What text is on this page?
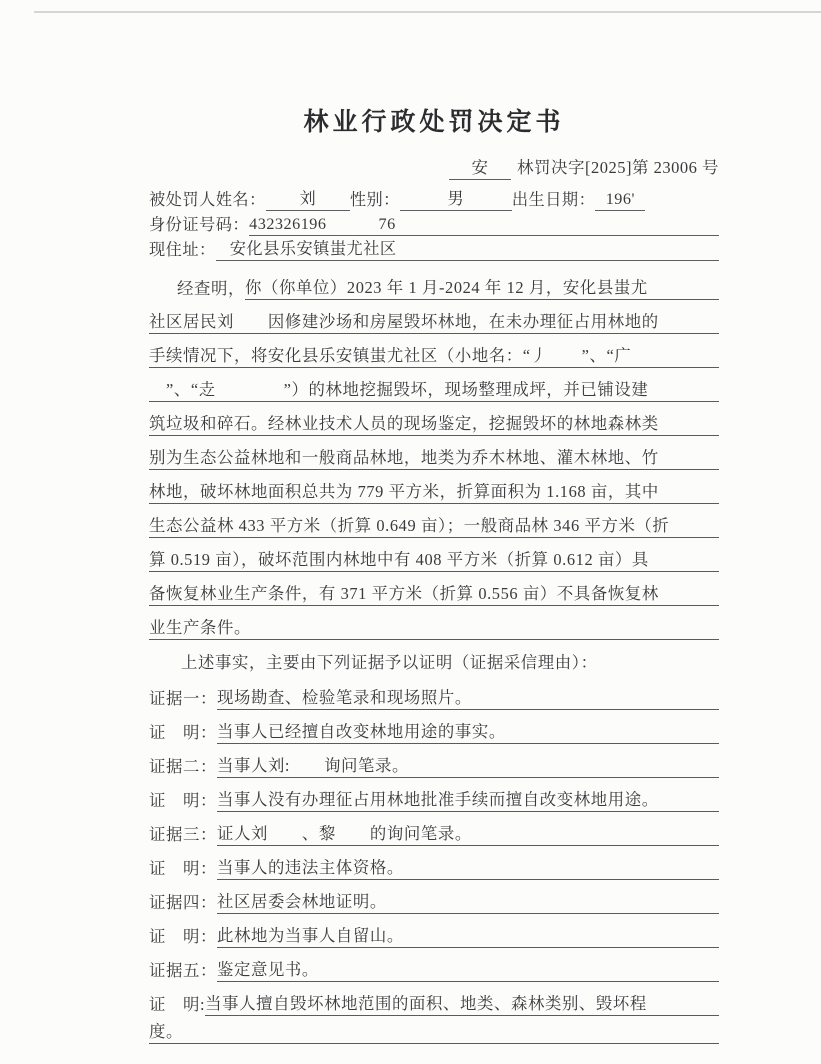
林业行政处罚决定书
安	林罚决字[2025]第 23006 号
被处罚人姓名：	刘	性别：	男	出生日期： 196'
身份证号码： 432326196	76
现住址： 安化县乐安镇蚩尤社区
经查明， 你（你单位）2023 年 1 月-2024 年 12 月，安化县蚩尤
社区居民刘　　因修建沙场和房屋毁坏林地，在未办理征占用林地的
手续情况下，将安化县乐安镇蚩尤社区（小地名：“丿　　”、“广
　”、“赱　　　　”）的林地挖掘毁坏，现场整理成坪，并已铺设建
筑垃圾和碎石。经林业技术人员的现场鉴定，挖掘毁坏的林地森林类
别为生态公益林地和一般商品林地，地类为乔木林地、灌木林地、竹
林地，破坏林地面积总共为 779 平方米，折算面积为 1.168 亩，其中
生态公益林 433 平方米（折算 0.649 亩）；一般商品林 346 平方米（折
算 0.519 亩），破坏范围内林地中有 408 平方米（折算 0.612 亩）具
备恢复林业生产条件，有 371 平方米（折算 0.556 亩）不具备恢复林
业生产条件。
上述事实，主要由下列证据予以证明（证据采信理由）：
证据一： 现场勘查、检验笔录和现场照片。
证　明： 当事人已经擅自改变林地用途的事实。
证据二： 当事人刘:　　询问笔录。
证　明： 当事人没有办理征占用林地批准手续而擅自改变林地用途。
证据三： 证人刘　　、黎　　的询问笔录。
证　明： 当事人的违法主体资格。
证据四： 社区居委会林地证明。
证　明： 此林地为当事人自留山。
证据五： 鉴定意见书。
证　明: 当事人擅自毁坏林地范围的面积、地类、森林类别、毁坏程
度。
